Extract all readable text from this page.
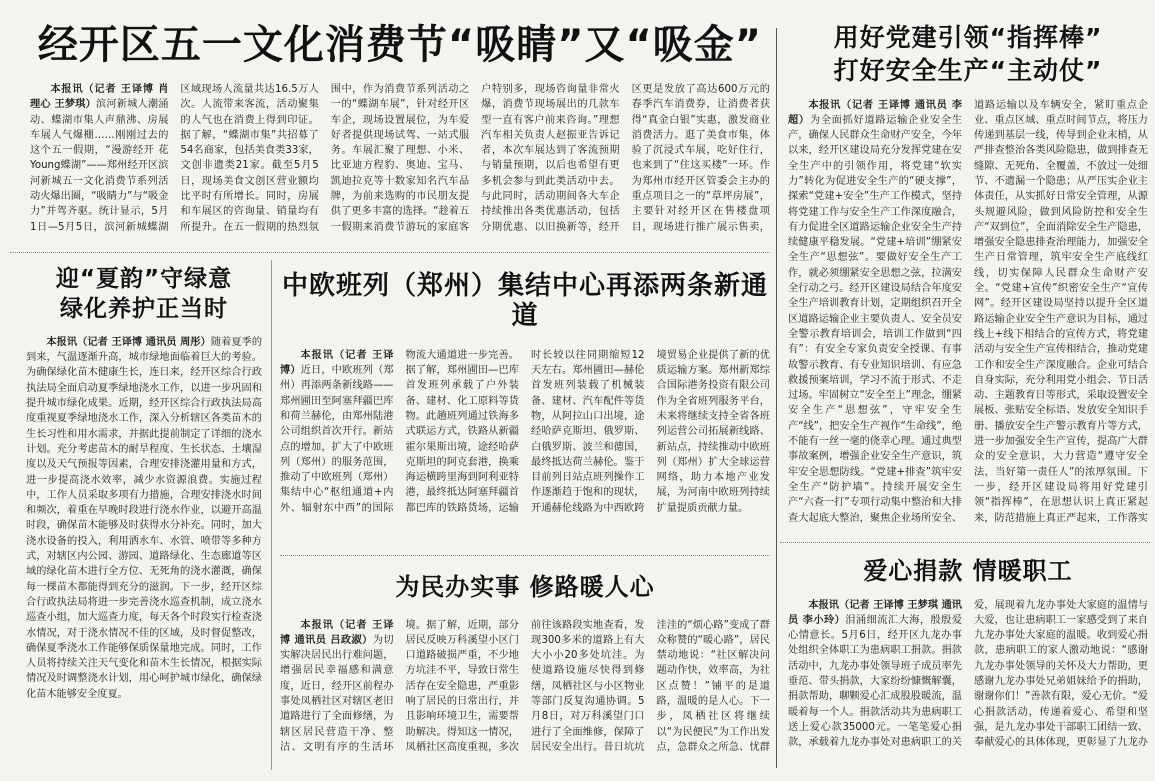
经开区五一文化消费节“吸睛”又“吸金”

本报讯（记者 王译博 肖理心 王梦琪）滨河新城人潮涌动、蝶湖市集人声鼎沸、房展车展人气爆棚……刚刚过去的这个五一假期，“漫游经开 花Young蝶湖”——郑州经开区滨河新城五一文化消费节系列活动火爆出圈，“吸睛力”与“吸金力”并驾齐驱。统计显示，5月1日—5月5日，滨河新城蝶湖区域现场人流量共达16.5万人次。人流带来客流，活动聚集的人气也在消费上得到印证。据了解，“蝶湖市集”共招募了54名商家，包括美食类33家，文创非遗类21家。截至5月5日，现场美食文创区营业额均比平时有所增长。同时，房展和车展区的咨询量、销量均有所提升。在五一假期的热烈氛围中，作为消费节系列活动之一的“蝶湖车展”，针对经开区车企，现场设置展位，为车爱好者提供现场试驾、一站式服务。车展汇聚了理想、小米、比亚迪方程豹、奥迪、宝马、凯迪拉克等十数家知名汽车品牌，为前来选购的市民朋友提供了更多丰富的选择。“趁着五一假期来消费节游玩的家庭客户特别多，现场咨询量非常火爆，消费节现场展出的几款车型一直有客户前来咨询。”理想汽车相关负责人赵振亚告诉记者，本次车展达到了客流预期与销量预期，以后也希望有更多机会参与到此类活动中去。与此同时，活动期间各大车企持续推出各类优惠活动，包括分期优惠、以旧换新等，经开区更是发放了高达600万元的春季汽车消费券，让消费者获得“真金白银”实惠，激发商业消费活力。逛了美食市集，体验了沉浸式车展，吃好住行，也来到了“住这买楼”一环。作为郑州市经开区管委会主办的重点项目之一的“草坪房展”，主要针对经开区在售楼盘项目，现场进行推广展示售卖，

用好党建引领“指挥棒”
打好安全生产“主动仗”

本报讯（记者 王译博 通讯员 李超）为全面抓好道路运输企业安全生产，确保人民群众生命财产安全，今年以来，经开区建设局充分发挥党建在安全生产中的引领作用，将党建“软实力”转化为促进安全生产的“硬支撑”，探索“党建+安全”生产工作模式，坚持将党建工作与安全生产工作深度融合，有力促进全区道路运输企业安全生产持续健康平稳发展。“党建+培训”绷紧安全生产“思想弦”。要做好安全生产工作，就必须绷紧安全思想之弦，拉满安全行动之弓。经开区建设局结合年度安全生产培训教育计划，定期组织召开全区道路运输企业主要负责人、安全员安全警示教育培训会，培训工作做到“四有”：有安全专家负责安全授课、有事故警示教育、有专业知识培训、有应急救援预案培训，学习不流于形式、不走过场。牢固树立“安全至上”理念，绷紧安全生产“思想弦”，守牢安全生产“线”，把安全生产视作“生命线”，绝不能有一丝一毫的侥幸心理。通过典型事故案例，增强企业安全生产意识，筑牢安全思想防线。“党建+排查”筑牢安全生产“防护墙”。持续开展安全生产“六查一打”专项行动集中整治和大排查大起底大整治，聚焦企业场所安全、道路运输以及车辆安全，紧盯重点企业、重点区域、重点时间节点，将压力传递到基层一线，传导到企业末梢，从严排查整治各类风险隐患，做到排查无缝隙、无死角、全覆盖，不放过一处细节、不遗漏一个隐患；从严压实企业主体责任，从实抓好日常安全管理，从源头规避风险，做到风险防控和安全生产“双到位”，全面消除安全生产隐患，增强安全隐患排查治理能力，加强安全生产日常管理，筑牢安全生产底线红线，切实保障人民群众生命财产安全。“党建+宣传”织密安全生产“宣传网”。经开区建设局坚持以提升全区道路运输企业安全生产意识为目标，通过线上+线下相结合的宣传方式，将党建活动与安全生产宣传相结合，推动党建工作和安全生产深度融合。企业可结合自身实际，充分利用党小组会、节日活动、主题教育日等形式，采取设置安全展板、张贴安全标语、发放安全知识手册、播放安全生产警示教育片等方式，进一步加强安全生产宣传，提高广大群众的安全意识，大力营造“遵守安全法，当好第一责任人”的浓厚氛围。下一步，经开区建设局将用好党建引领“指挥棒”，在思想认识上真正紧起来，防范措施上真正严起来，工作落实

迎“夏韵”守绿意
绿化养护正当时

本报讯（记者 王译博 通讯员 周彤）随着夏季的到来，气温逐渐升高，城市绿地面临着巨大的考验。为确保绿化苗木健康生长，连日来，经开区综合行政执法局全面启动夏季绿地浇水工作，以进一步巩固和提升城市绿化成果。近期，经开区综合行政执法局高度重视夏季绿地浇水工作，深入分析辖区各类苗木的生长习性和用水需求，并据此提前制定了详细的浇水计划。充分考虑苗木的耐旱程度、生长状态、土壤湿度以及天气预报等因素，合理安排浇灌用量和方式，进一步提高浇水效率，减少水资源浪费。实施过程中，工作人员采取多项有力措施，合理安排浇水时间和频次，着重在早晚时段进行浇水作业，以避开高温时段，确保苗木能够及时获得水分补充。同时，加大浇水设备的投入，利用洒水车、水管、喷带等多种方式，对辖区内公园、游园、道路绿化、生态廊道等区域的绿化苗木进行全方位、无死角的浇水灌溉，确保每一棵苗木都能得到充分的滋润。下一步，经开区综合行政执法局将进一步完善浇水巡查机制，成立浇水巡查小组，加大巡查力度，每天各个时段实行检查浇水情况，对于浇水情况不佳的区域，及时督促整改，确保夏季浇水工作能够保质保量地完成。同时，工作人员将持续关注天气变化和苗木生长情况，根据实际情况及时调整浇水计划，用心呵护城市绿化，确保绿化苗木能够安全度夏。

中欧班列（郑州）集结中心再添两条新通道

本报讯（记者 王译博）近日，中欧班列（郑州）再添两条新线路——郑州圃田至阿塞拜疆巴库和荷兰赫伦，由郑州陆港公司组织首次开行。新站点的增加，扩大了中欧班列（郑州）的服务范围，推动了中欧班列（郑州）集结中心“枢纽通道+内外、辐射东中西”的国际物流大通道进一步完善。据了解，郑州圃田—巴库首发班列承载了户外装备、建材、化工原料等货物。此趟班列通过铁海多式联运方式，铁路从新疆霍尔果斯出境，途经哈萨克斯坦的阿克套港，换乘海运横跨里海到阿利亚特港，最终抵达阿塞拜疆首都巴库的铁路货场，运输时长较以往同期缩短12天左右。郑州圃田—赫伦首发班列装载了机械装备、建材、汽车配件等货物，从阿拉山口出境，途经哈萨克斯坦、俄罗斯、白俄罗斯、波兰和德国，最终抵达荷兰赫伦。鉴于目前列日站点班列操作工作逐渐趋于饱和的现状，开通赫伦线路为中西欧跨境贸易企业提供了新的优质运输方案。郑州新郑综合国际港务投资有限公司作为全省班列服务平台，未来将继续支持全省各班列运营公司拓展新线路、新站点，持续推动中欧班列（郑州）扩大全球运营网络，助力本地产业发展，为河南中欧班列持续扩量提质贡献力量。

为民办实事 修路暖人心

本报讯（记者 王译博 通讯员 吕政淑）为切实解决居民出行难问题，增强居民幸福感和满意度，近日，经开区前程办事处凤栖社区对辖区老旧道路进行了全面修缮，为辖区居民营造干净、整洁、文明有序的生活环境。据了解，近期，部分居民反映万科溪望小区门口道路破损严重，不少地方坑洼不平，导致日常生活存在安全隐患，严重影响了居民的日常出行，并且影响环境卫生，需要帮助解决。得知这一情况，凤栖社区高度重视，多次前往该路段实地查看，发现300多米的道路上有大大小小20多处坑洼。为使道路设施尽快得到修缮，凤栖社区与小区物业等部门反复沟通协调。5月8日，对万科溪望门口进行了全面维修，保障了居民安全出行。昔日坑坑洼洼的“烦心路”变成了群众称赞的“暖心路”，居民禁动地说：“社区解决问题动作快，效率高，为社区点赞！”铺平的是道路，温暖的是人心。下一步，凤栖社区将继续以“为民便民”为工作出发点，急群众之所急、忧群

爱心捐款 情暖职工

本报讯（记者 王译博 王梦琪 通讯员 李小玲）泪涌细流汇大海，殷殷爱心情意长。5月6日，经开区九龙办事处组织全体职工为患病职工捐款。捐款活动中，九龙办事处领导班子成员率先垂范、带头捐款，大家纷纷慷慨解囊，捐款帮助，聊颗爱心汇成股股暖流，温暖着每一个人。捐款活动共为患病职工送上爱心款35000元。一笔笔爱心捐款，承载着九龙办事处对患病职工的关爱，展现着九龙办事处大家庭的温情与大爱，也让患病职工一家感受到了来自九龙办事处大家庭的温暖。收到爱心捐款，患病职工的家人激动地说：“感谢九龙办事处领导的关怀及大力帮助，更感谢九龙办事处兄弟姐妹给予的捐助，谢谢你们！”善款有限，爱心无价。“爱心捐款活动，传递着爱心、希望和坚强，是九龙办事处干部职工团结一致、奉献爱心的具体体现，更彰显了九龙办
